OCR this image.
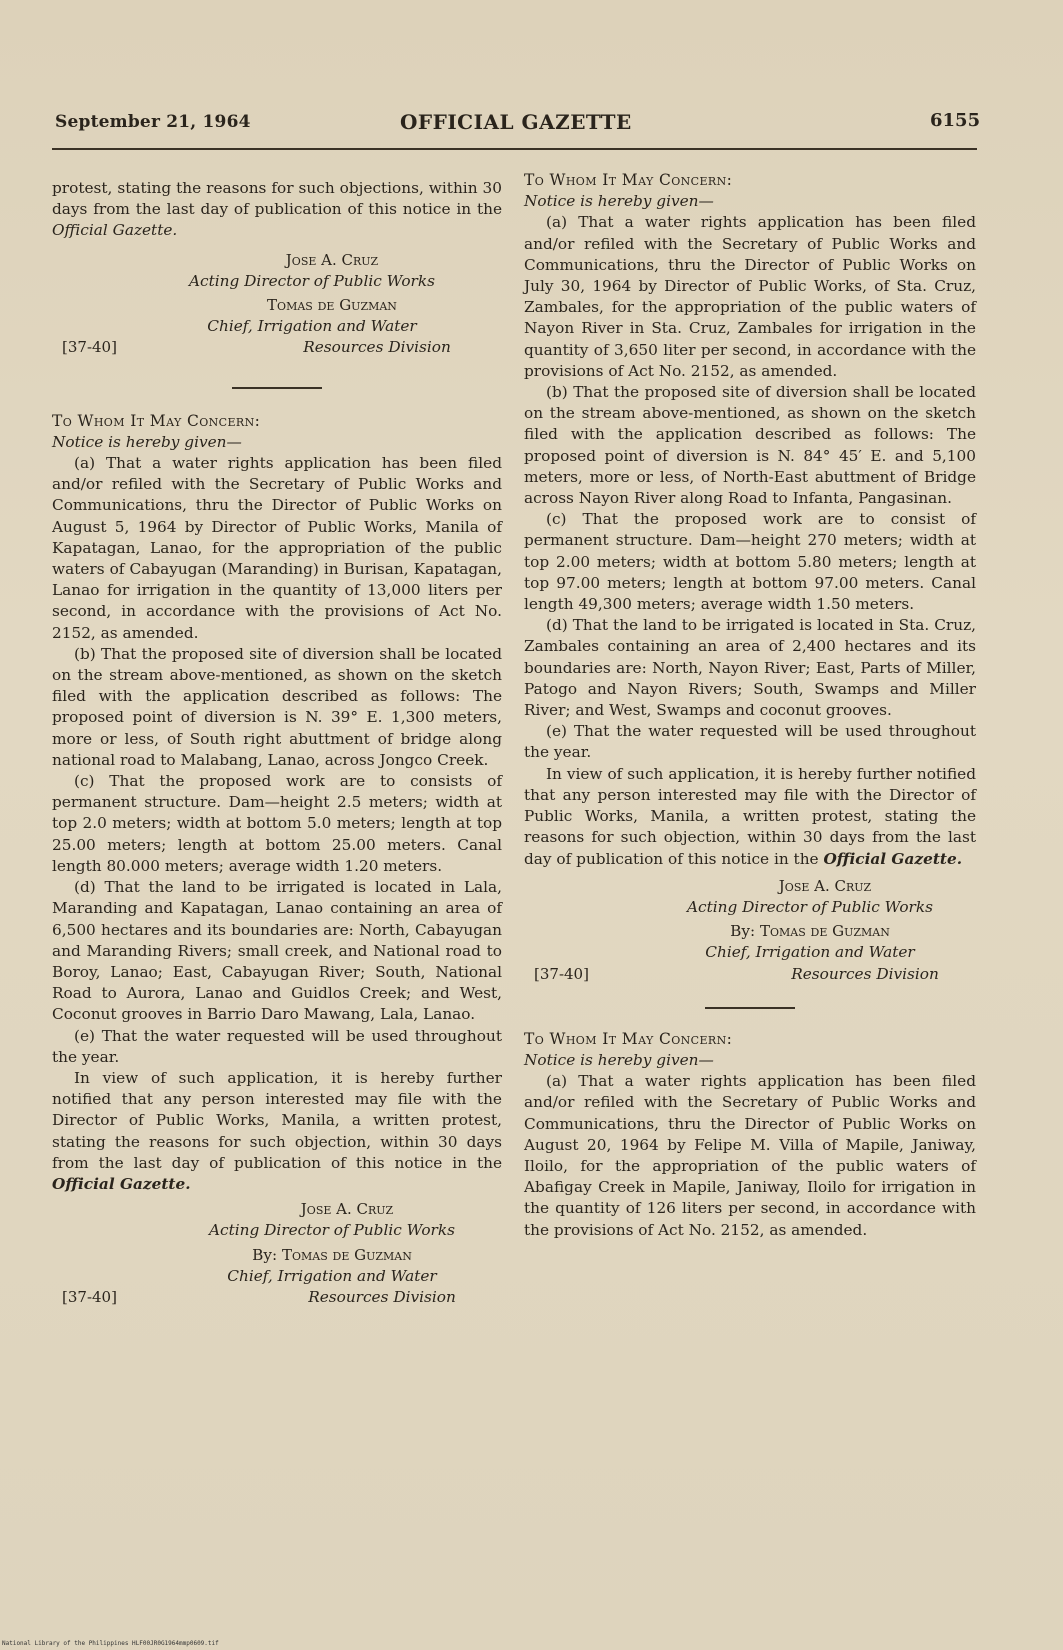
September 21, 1964	OFFICIAL GAZETTE	6155

protest, stating the reasons for such objections, within 30 days from the last day of publication of this notice in the Official Gazette.

Jose A. Cruz
Acting Director of Public Works
Tomas de Guzman
Chief, Irrigation and Water
Resources Division
[37-40]

To Whom It May Concern:

Notice is hereby given—

(a) That a water rights application has been filed and/or refiled with the Secretary of Public Works and Communications, thru the Director of Public Works on August 5, 1964 by Director of Public Works, Manila of Kapatagan, Lanao, for the appropriation of the public waters of Cabayugan (Maranding) in Burisan, Kapatagan, Lanao for irrigation in the quantity of 13,000 liters per second, in accordance with the provisions of Act No. 2152, as amended.

(b) That the proposed site of diversion shall be located on the stream above-mentioned, as shown on the sketch filed with the application described as follows: The proposed point of diversion is N. 39° E. 1,300 meters, more or less, of South right abuttment of bridge along national road to Malabang, Lanao, across Jongco Creek.

(c) That the proposed work are to consists of permanent structure. Dam—height 2.5 meters; width at top 2.0 meters; width at bottom 5.0 meters; length at top 25.00 meters; length at bottom 25.00 meters. Canal length 80.000 meters; average width 1.20 meters.

(d) That the land to be irrigated is located in Lala, Maranding and Kapatagan, Lanao containing an area of 6,500 hectares and its boundaries are: North, Cabayugan and Maranding Rivers; small creek, and National road to Boroy, Lanao; East, Cabayugan River; South, National Road to Aurora, Lanao and Guidlos Creek; and West, Coconut grooves in Barrio Daro Mawang, Lala, Lanao.

(e) That the water requested will be used throughout the year.

In view of such application, it is hereby further notified that any person interested may file with the Director of Public Works, Manila, a written protest, stating the reasons for such objection, within 30 days from the last day of publication of this notice in the Official Gazette.

Jose A. Cruz
Acting Director of Public Works
By: Tomas de Guzman
Chief, Irrigation and Water
Resources Division
[37-40]

To Whom It May Concern:

Notice is hereby given—

(a) That a water rights application has been filed and/or refiled with the Secretary of Public Works and Communications, thru the Director of Public Works on July 30, 1964 by Director of Public Works, of Sta. Cruz, Zambales, for the appropriation of the public waters of Nayon River in Sta. Cruz, Zambales for irrigation in the quantity of 3,650 liter per second, in accordance with the provisions of Act No. 2152, as amended.

(b) That the proposed site of diversion shall be located on the stream above-mentioned, as shown on the sketch filed with the application described as follows: The proposed point of diversion is N. 84° 45′ E. and 5,100 meters, more or less, of North-East abuttment of Bridge across Nayon River along Road to Infanta, Pangasinan.

(c) That the proposed work are to consist of permanent structure. Dam—height 270 meters; width at top 2.00 meters; width at bottom 5.80 meters; length at top 97.00 meters; length at bottom 97.00 meters. Canal length 49,300 meters; average width 1.50 meters.

(d) That the land to be irrigated is located in Sta. Cruz, Zambales containing an area of 2,400 hectares and its boundaries are: North, Nayon River; East, Parts of Miller, Patogo and Nayon Rivers; South, Swamps and Miller River; and West, Swamps and coconut grooves.

(e) That the water requested will be used throughout the year.

In view of such application, it is hereby further notified that any person interested may file with the Director of Public Works, Manila, a written protest, stating the reasons for such objection, within 30 days from the last day of publication of this notice in the Official Gazette.

Jose A. Cruz
Acting Director of Public Works
By: Tomas de Guzman
Chief, Irrigation and Water
Resources Division
[37-40]

To Whom It May Concern:

Notice is hereby given—

(a) That a water rights application has been filed and/or refiled with the Secretary of Public Works and Communications, thru the Director of Public Works on August 20, 1964 by Felipe M. Villa of Mapile, Janiway, Iloilo, for the appropriation of the public waters of Abafigay Creek in Mapile, Janiway, Iloilo for irrigation in the quantity of 126 liters per second, in accordance with the provisions of Act No. 2152, as amended.

National Library of the Philippines HLF00JR0G1964mmp0609.tif
